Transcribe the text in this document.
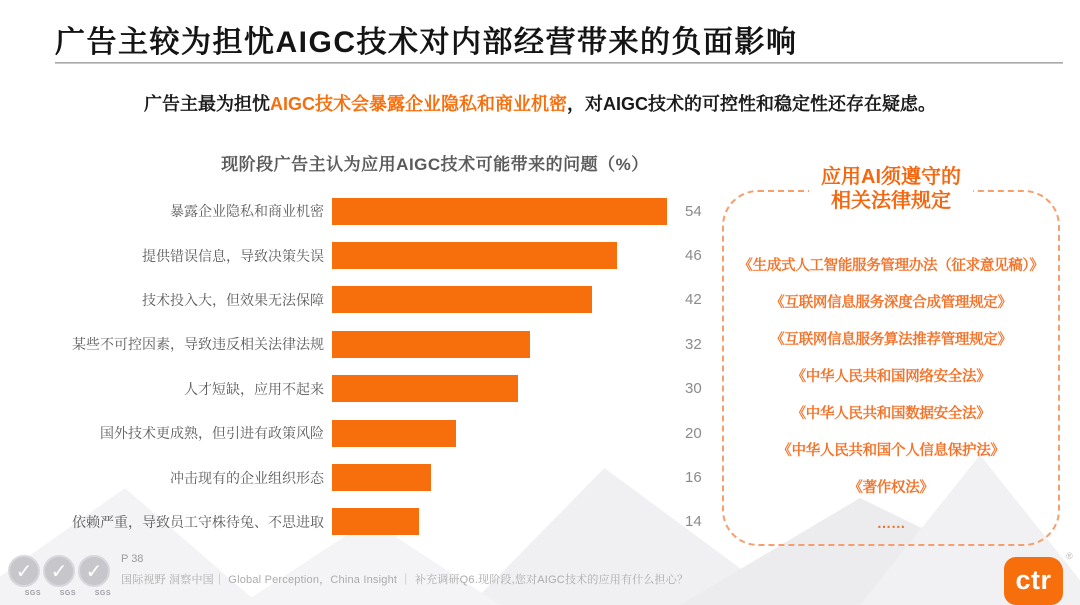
广告主较为担忧AIGC技术对内部经营带来的负面影响
广告主最为担忧AIGC技术会暴露企业隐私和商业机密，对AIGC技术的可控性和稳定性还存在疑虑。
现阶段广告主认为应用AIGC技术可能带来的问题（%）
暴露企业隐私和商业机密	54
提供错误信息，导致决策失误	46
技术投入大，但效果无法保障	42
某些不可控因素，导致违反相关法律法规	32
人才短缺，应用不起来	30
国外技术更成熟，但引进有政策风险	20
冲击现有的企业组织形态	16
依赖严重，导致员工守株待兔、不思进取	14
应用AI须遵守的
相关法律规定
《生成式人工智能服务管理办法（征求意见稿）》
《互联网信息服务深度合成管理规定》
《互联网信息服务算法推荐管理规定》
《中华人民共和国网络安全法》
《中华人民共和国数据安全法》
《中华人民共和国个人信息保护法》
《著作权法》
……
✓
SGS
✓
SGS
✓
SGS
P 38
国际视野 洞察中国｜ Global Perception，China Insight ｜ 补充调研Q6.现阶段,您对AIGC技术的应用有什么担心？	ctr
®
